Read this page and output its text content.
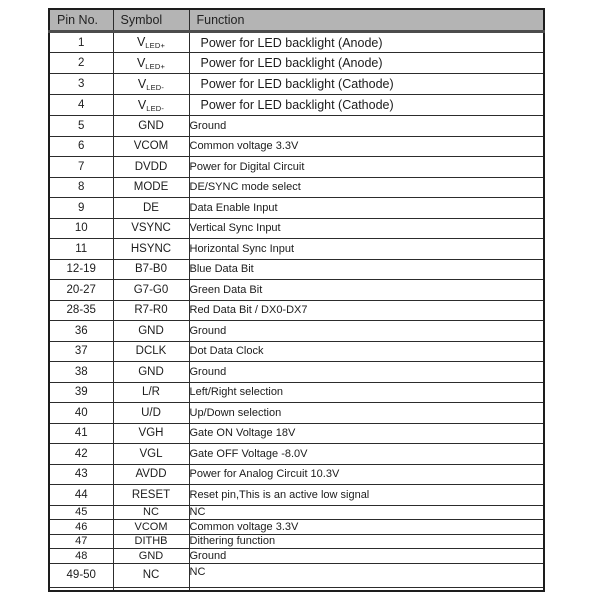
Pin No.	Symbol	Function
1	VLED+	Power for LED backlight (Anode)
2	VLED+	Power for LED backlight (Anode)
3	VLED-	Power for LED backlight (Cathode)
4	VLED-	Power for LED backlight (Cathode)
5	GND	Ground
6	VCOM	Common voltage 3.3V
7	DVDD	Power for Digital Circuit
8	MODE	DE/SYNC mode select
9	DE	Data Enable Input
10	VSYNC	Vertical Sync Input
11	HSYNC	Horizontal Sync Input
12-19	B7-B0	Blue Data Bit
20-27	G7-G0	Green Data Bit
28-35	R7-R0	Red Data Bit / DX0-DX7
36	GND	Ground
37	DCLK	Dot Data Clock
38	GND	Ground
39	L/R	Left/Right selection
40	U/D	Up/Down selection
41	VGH	Gate ON Voltage 18V
42	VGL	Gate OFF Voltage -8.0V
43	AVDD	Power for Analog Circuit 10.3V
44	RESET	Reset pin,This is an active low signal
45	NC	NC
46	VCOM	Common voltage 3.3V
47	DITHB	Dithering function
48	GND	Ground
49-50	NC	NC
